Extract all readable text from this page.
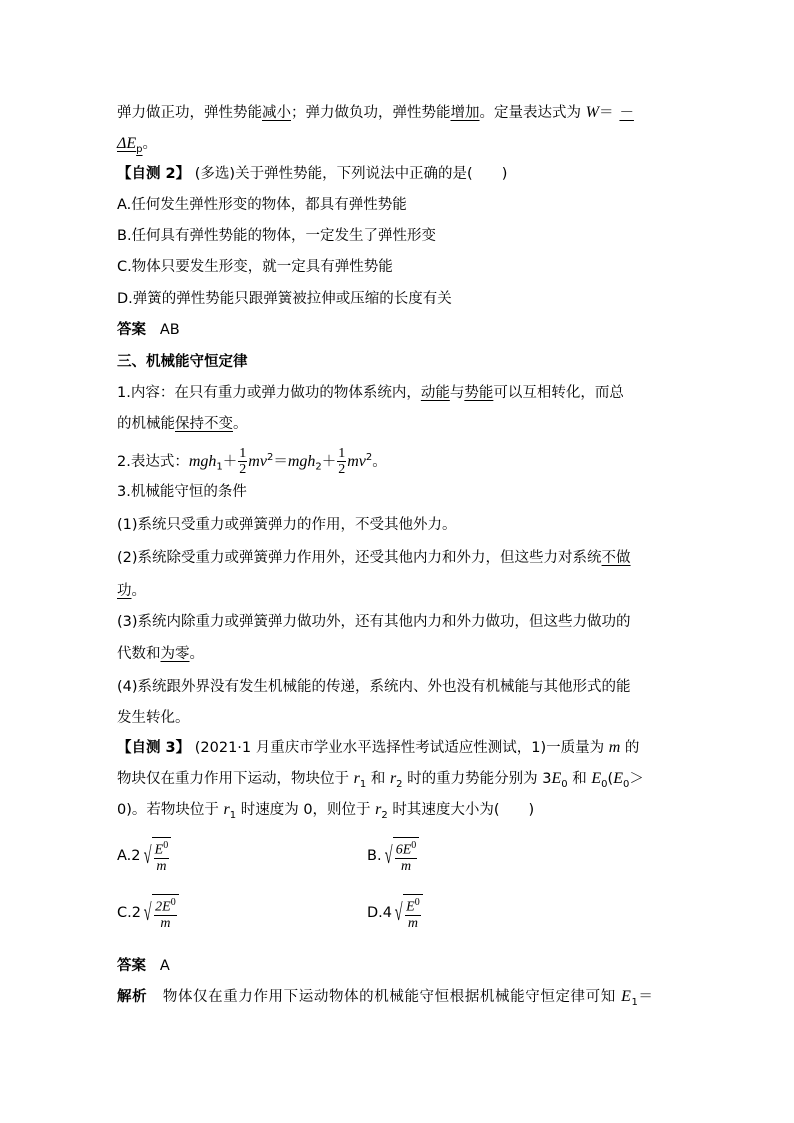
弹力做正功，弹性势能减小；弹力做负功，弹性势能增加。定量表达式为 W＝ －
$\Delta E_p$。
【自测 2】 (多选)关于弹性势能，下列说法中正确的是(　　)
A.任何发生弹性形变的物体，都具有弹性势能
B.任何具有弹性势能的物体，一定发生了弹性形变
C.物体只要发生形变，就一定具有弹性势能
D.弹簧的弹性势能只跟弹簧被拉伸或压缩的长度有关
答案 AB
三、机械能守恒定律
1.内容：在只有重力或弹力做功的物体系统内，动能与势能可以互相转化，而总
的机械能保持不变。
2.表达式：$mgh_1+ \frac{1}{2} mv^2=mgh_2+ \frac{1}{2} mv^2$。
3.机械能守恒的条件
(1)系统只受重力或弹簧弹力的作用，不受其他外力。
(2)系统除受重力或弹簧弹力作用外，还受其他内力和外力，但这些力对系统不做
功。
(3)系统内除重力或弹簧弹力做功外，还有其他内力和外力做功，但这些力做功的
代数和为零。
(4)系统跟外界没有发生机械能的传递，系统内、外也没有机械能与其他形式的能
发生转化。
【自测 3】 (2021·1 月重庆市学业水平选择性考试适应性测试，1)一质量为 m 的
物块仅在重力作用下运动，物块位于 $r_1$ 和 $r_2$ 时的重力势能分别为 $3E_0$ 和 $E_0(E_0>$
0)。若物块位于 $r_1$ 时速度为 0，则位于 $r_2$ 时其速度大小为(　　)
A.2 √ $\frac{E^0}{m}$	B. √ $\frac{6E^0}{m}$
C.2 √ $\frac{2E^0}{m}$	D.4 √ $\frac{E^0}{m}$
答案 A
解析 物体仅在重力作用下运动物体的机械能守恒根据机械能守恒定律可知 $E_1=$
